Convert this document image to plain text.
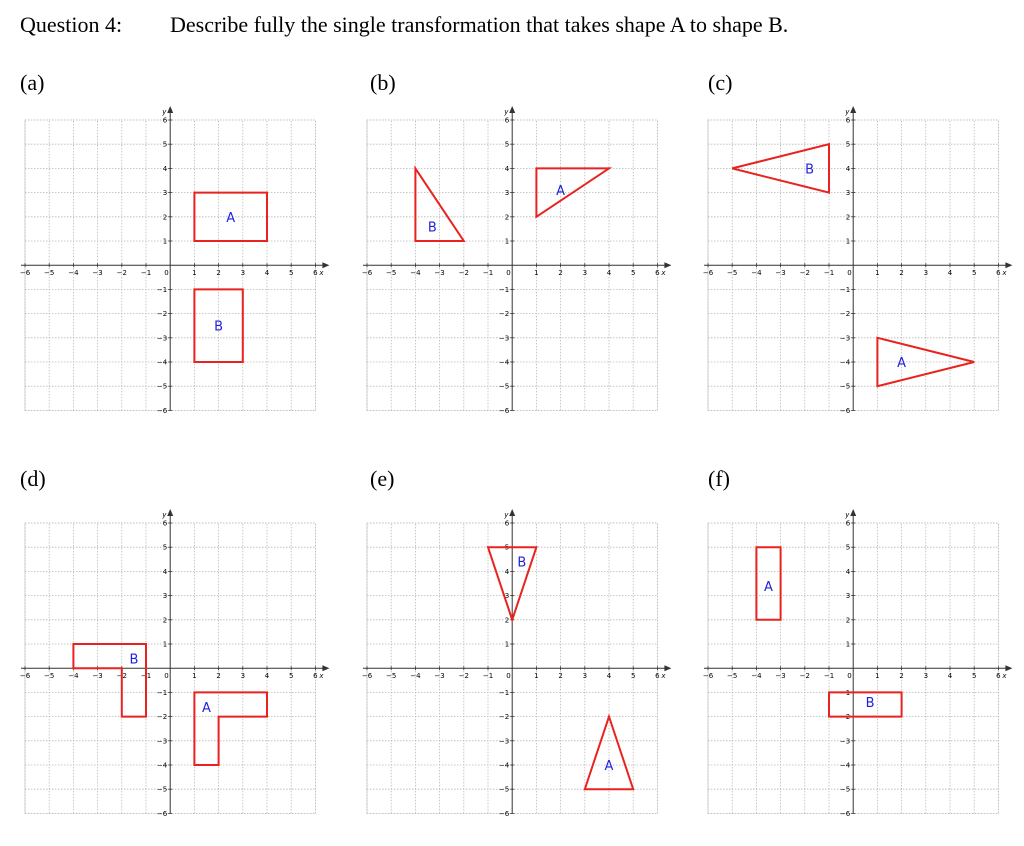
Question 4: Describe fully the single transformation that takes shape A to shape B.
(a)
x
y
−6
−6
−5
−5
−4
−4
−3
−3
−2
−2
−1
−1
0	1
1
2
2
3
3
4
4
5
5
6
6
A
B
(b)
x
y
−6
−6
−5
−5
−4
−4
−3
−3
−2
−2
−1
−1
0	1
1
2
2
3
3
4
4
5
5
6
6
A
B
(c)
x
y
−6
−6
−5
−5
−4
−4
−3
−3
−2
−2
−1
−1
0	1
1
2
2
3
3
4
4
5
5
6
6
A
B
(d)
x
y
−6
−6
−5
−5
−4
−4
−3
−3
−2
−2
−1
−1
0	1
1
2
2
3
3
4
4
5
5
6
6
A
B
(e)
x
y
−6
−6
−5
−5
−4
−4
−3
−3
−2
−2
−1
−1
0	1
1
2
2
3
3
4
4
5
5
6
6
A
B
(f)
x
y
−6
−6
−5
−5
−4
−4
−3
−3
−2
−2
−1
−1
0	1
1
2
2
3
3
4
4
5
5
6
6
A
B
